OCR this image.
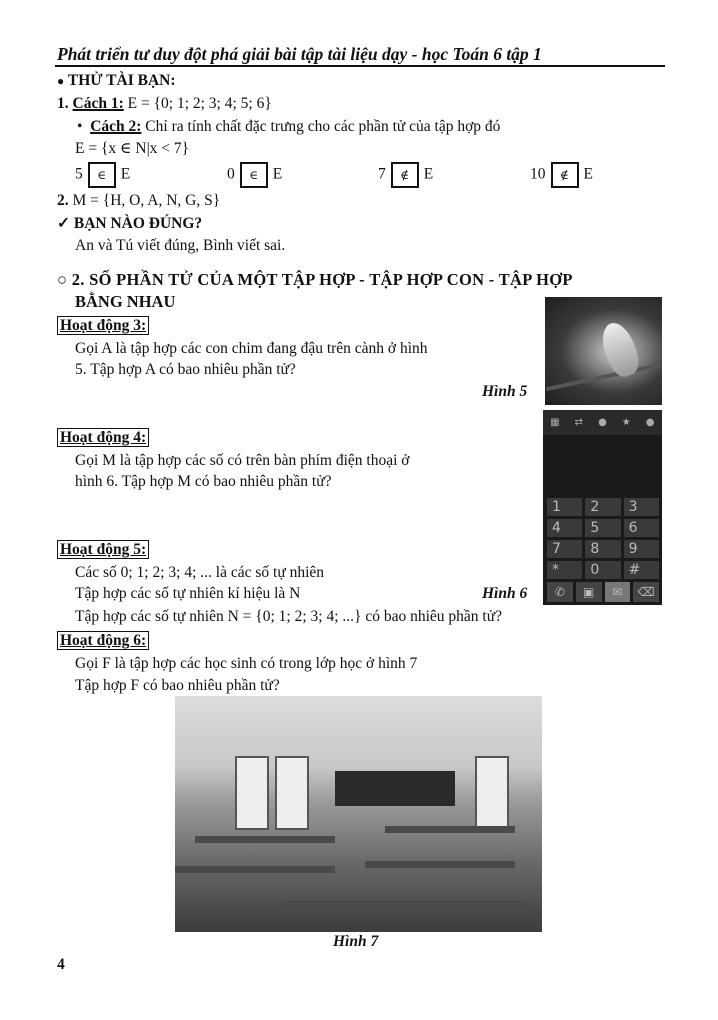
Phát triển tư duy đột phá giải bài tập tài liệu dạy - học Toán 6 tập 1
● THỬ TÀI BẠN:
1. Cách 1: E = {0; 1; 2; 3; 4; 5; 6}
•  Cách 2: Chỉ ra tính chất đặc trưng cho các phần tử của tập hợp đó
E = {x ∈ N|x < 7}
5 ∈ E	0 ∈ E	7 ∉ E	10 ∉ E
2. M = {H, O, A, N, G, S}
✓ BẠN NÀO ĐÚNG?
An và Tú viết đúng, Bình viết sai.
○ 2. SỐ PHẦN TỬ CỦA MỘT TẬP HỢP - TẬP HỢP CON - TẬP HỢP
BẰNG NHAU
Hoạt động 3:
Gọi A là tập hợp các con chim đang đậu trên cành ở hình
5. Tập hợp A có bao nhiêu phần tử?
Hình 5
Hoạt động 4:
Gọi M là tập hợp các số có trên bàn phím điện thoại ở
hình 6. Tập hợp M có bao nhiêu phần tử?
▦	⇄	●	★	●
1	2	3
4	5	6
7	8	9
*	0	#
✆	▣	✉	⌫
Hoạt động 5:
Các số 0; 1; 2; 3; 4; ... là các số tự nhiên
Tập hợp các số tự nhiên kí hiệu là N	Hình 6
Tập hợp các số tự nhiên N = {0; 1; 2; 3; 4; ...} có bao nhiêu phần tử?
Hoạt động 6:
Gọi F là tập hợp các học sinh có trong lớp học ở hình 7
Tập hợp F có bao nhiêu phần tử?
Hình 7
4
